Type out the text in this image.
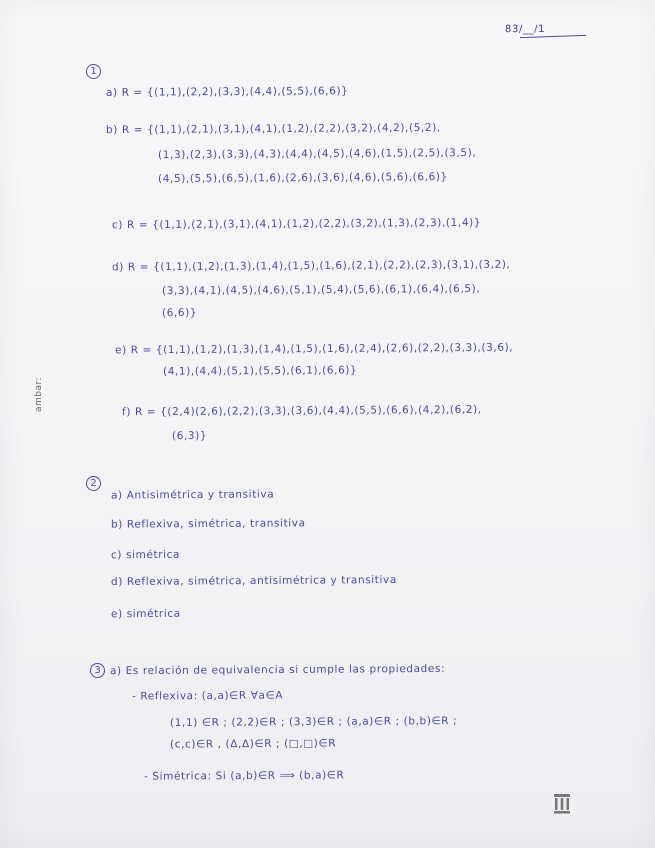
83/__/1
1
a) R = {(1,1),(2,2),(3,3),(4,4),(5,5),(6,6)}
b) R = {(1,1),(2,1),(3,1),(4,1),(1,2),(2,2),(3,2),(4,2),(5,2),
(1,3),(2,3),(3,3),(4,3),(4,4),(4,5),(4,6),(1,5),(2,5),(3,5),
(4,5),(5,5),(6,5),(1,6),(2,6),(3,6),(4,6),(5,6),(6,6)}
c) R = {(1,1),(2,1),(3,1),(4,1),(1,2),(2,2),(3,2),(1,3),(2,3),(1,4)}
d) R = {(1,1),(1,2),(1,3),(1,4),(1,5),(1,6),(2,1),(2,2),(2,3),(3,1),(3,2),
(3,3),(4,1),(4,5),(4,6),(5,1),(5,4),(5,6),(6,1),(6,4),(6,5),
(6,6)}
e) R = {(1,1),(1,2),(1,3),(1,4),(1,5),(1,6),(2,4),(2,6),(2,2),(3,3),(3,6),
(4,1),(4,4),(5,1),(5,5),(6,1),(6,6)}
f) R = {(2,4)(2,6),(2,2),(3,3),(3,6),(4,4),(5,5),(6,6),(4,2),(6,2),
(6,3)}
2
a) Antisimétrica y transitiva
b) Reflexiva, simétrica, transitiva
c) simétrica
d) Reflexiva, simétrica, antisimétrica y transitiva
e) simétrica
3 a) Es relación de equivalencia si cumple las propiedades:
- Reflexiva: (a,a)∈R ∀a∈A
(1,1) ∈R ; (2,2)∈R ; (3,3)∈R ; (a,a)∈R ; (b,b)∈R ;
(c,c)∈R , (Δ,Δ)∈R ; (□,□)∈R
- Simétrica: Si (a,b)∈R ⟹ (b,a)∈R
ambar:
